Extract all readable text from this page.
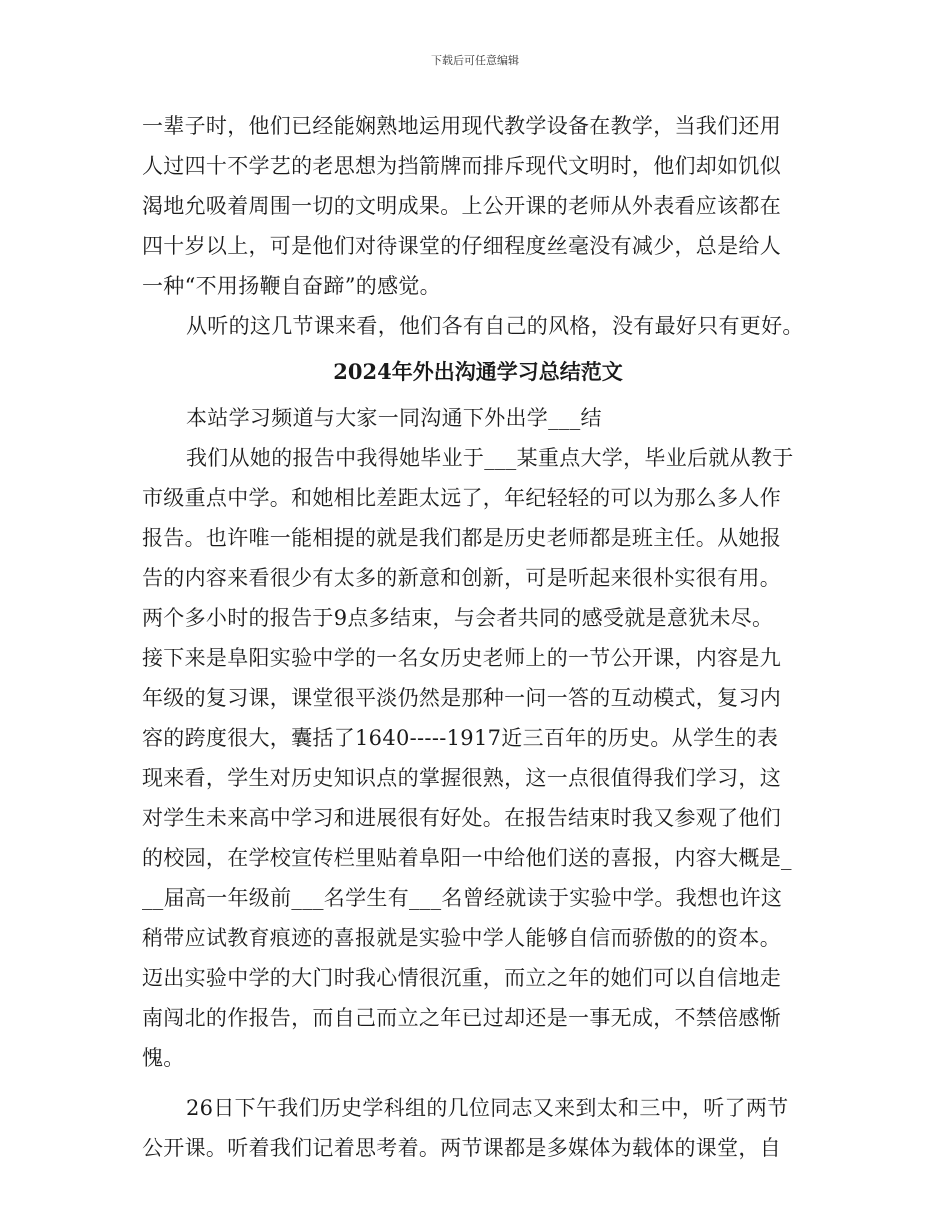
下载后可任意编辑
一辈子时，他们已经能娴熟地运用现代教学设备在教学，当我们还用
人过四十不学艺的老思想为挡箭牌而排斥现代文明时，他们却如饥似
渴地允吸着周围一切的文明成果。上公开课的老师从外表看应该都在
四十岁以上，可是他们对待课堂的仔细程度丝毫没有减少，总是给人
一种“不用扬鞭自奋蹄”的感觉。
从听的这几节课来看，他们各有自己的风格，没有最好只有更好。
2024年外出沟通学习总结范文
本站学习频道与大家一同沟通下外出学___结
我们从她的报告中我得她毕业于___某重点大学，毕业后就从教于
市级重点中学。和她相比差距太远了，年纪轻轻的可以为那么多人作
报告。也许唯一能相提的就是我们都是历史老师都是班主任。从她报
告的内容来看很少有太多的新意和创新，可是听起来很朴实很有用。
两个多小时的报告于9点多结束，与会者共同的感受就是意犹未尽。
接下来是阜阳实验中学的一名女历史老师上的一节公开课，内容是九
年级的复习课，课堂很平淡仍然是那种一问一答的互动模式，复习内
容的跨度很大，囊括了1640-----1917近三百年的历史。从学生的表
现来看，学生对历史知识点的掌握很熟，这一点很值得我们学习，这
对学生未来高中学习和进展很有好处。在报告结束时我又参观了他们
的校园，在学校宣传栏里贴着阜阳一中给他们送的喜报，内容大概是_
__届高一年级前___名学生有___名曾经就读于实验中学。我想也许这
稍带应试教育痕迹的喜报就是实验中学人能够自信而骄傲的的资本。
迈出实验中学的大门时我心情很沉重，而立之年的她们可以自信地走
南闯北的作报告，而自己而立之年已过却还是一事无成，不禁倍感惭
愧。
26日下午我们历史学科组的几位同志又来到太和三中，听了两节
公开课。听着我们记着思考着。两节课都是多媒体为载体的课堂，自
